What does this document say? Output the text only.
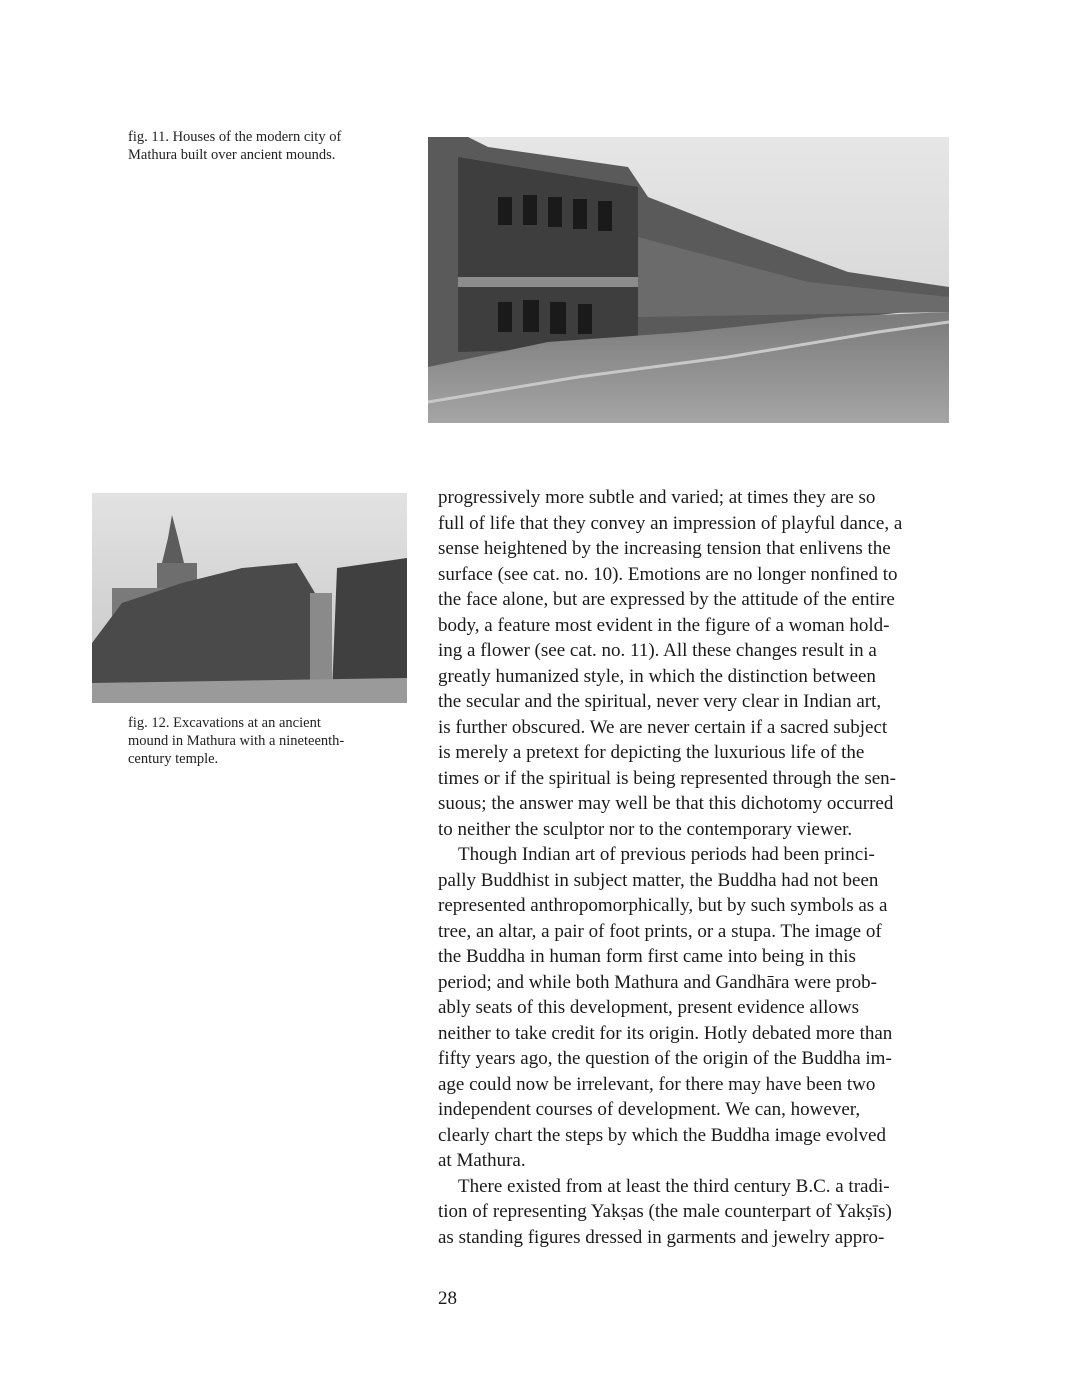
fig. 11. Houses of the modern city of
Mathura built over ancient mounds.
fig. 12. Excavations at an ancient
mound in Mathura with a nineteenth-
century temple.

progressively more subtle and varied; at times they are so
full of life that they convey an impression of playful dance, a
sense heightened by the increasing tension that enlivens the
surface (see cat. no. 10). Emotions are no longer nonfined to
the face alone, but are expressed by the attitude of the entire
body, a feature most evident in the figure of a woman hold-
ing a flower (see cat. no. 11). All these changes result in a
greatly humanized style, in which the distinction between
the secular and the spiritual, never very clear in Indian art,
is further obscured. We are never certain if a sacred subject
is merely a pretext for depicting the luxurious life of the
times or if the spiritual is being represented through the sen-
suous; the answer may well be that this dichotomy occurred
to neither the sculptor nor to the contemporary viewer.

Though Indian art of previous periods had been princi-
pally Buddhist in subject matter, the Buddha had not been
represented anthropomorphically, but by such symbols as a
tree, an altar, a pair of foot prints, or a stupa. The image of
the Buddha in human form first came into being in this
period; and while both Mathura and Gandhāra were prob-
ably seats of this development, present evidence allows
neither to take credit for its origin. Hotly debated more than
fifty years ago, the question of the origin of the Buddha im-
age could now be irrelevant, for there may have been two
independent courses of development. We can, however,
clearly chart the steps by which the Buddha image evolved
at Mathura.

There existed from at least the third century B.C. a tradi-
tion of representing Yakṣas (the male counterpart of Yakṣīs)
as standing figures dressed in garments and jewelry appro-

28
